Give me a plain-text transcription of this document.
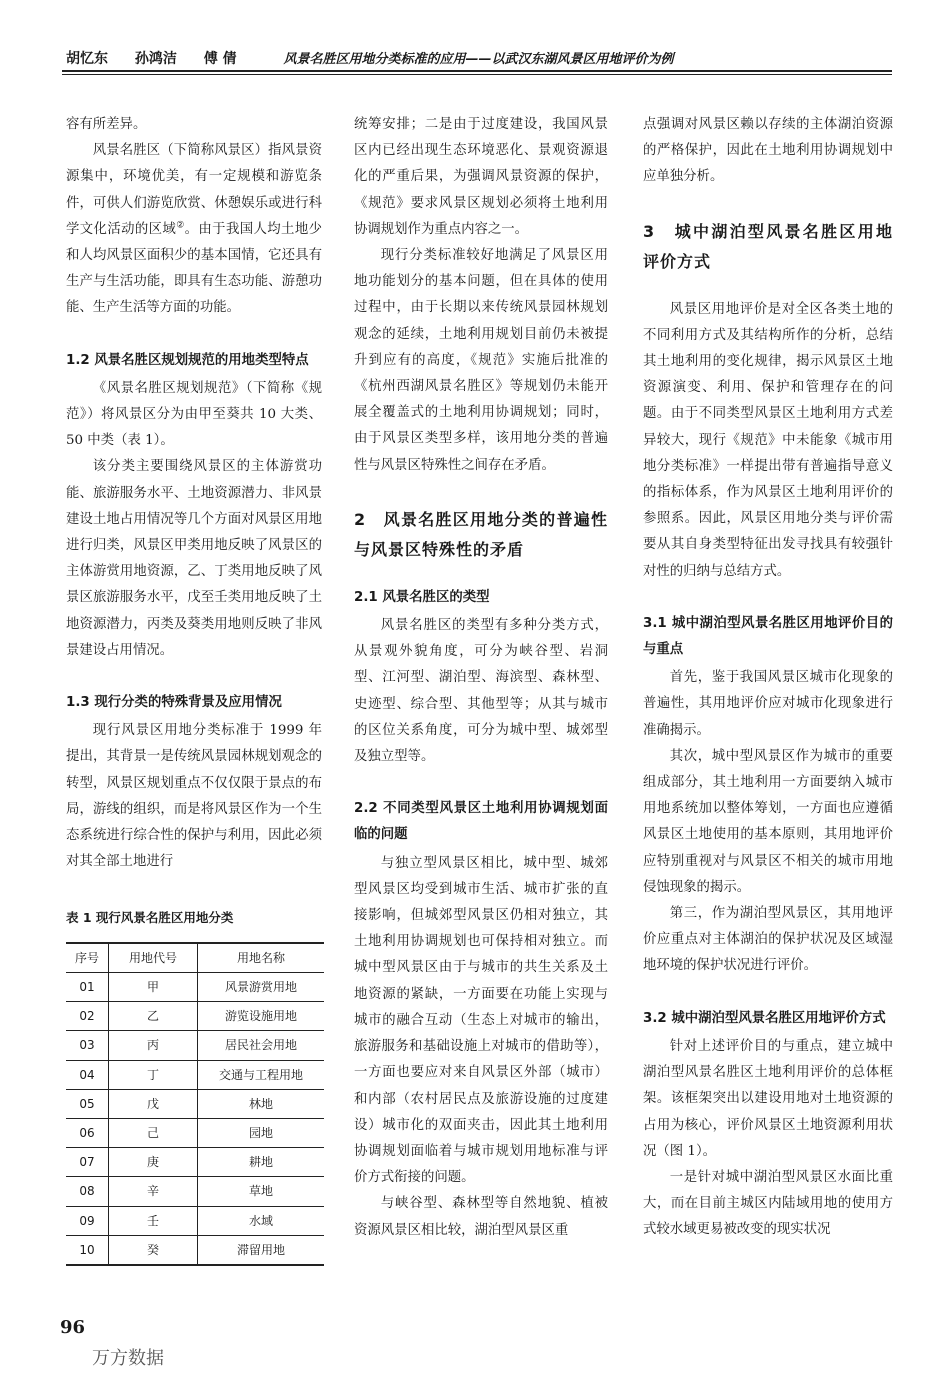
胡忆东 孙鸿洁 傅 倩	风景名胜区用地分类标准的应用——以武汉东湖风景区用地评价为例

容有所差异。

风景名胜区（下简称风景区）指风景资源集中，环境优美，有一定规模和游览条件，可供人们游览欣赏、休憩娱乐或进行科学文化活动的区域②。由于我国人均土地少和人均风景区面积少的基本国情，它还具有生产与生活功能，即具有生态功能、游憩功能、生产生活等方面的功能。

1.2 风景名胜区规划规范的用地类型特点

《风景名胜区规划规范》（下简称《规范》）将风景区分为由甲至葵共 10 大类、50 中类（表 1）。

该分类主要围绕风景区的主体游赏功能、旅游服务水平、土地资源潜力、非风景建设土地占用情况等几个方面对风景区用地进行归类，风景区甲类用地反映了风景区的主体游赏用地资源，乙、丁类用地反映了风景区旅游服务水平，戊至壬类用地反映了土地资源潜力，丙类及葵类用地则反映了非风景建设占用情况。

1.3 现行分类的特殊背景及应用情况

现行风景区用地分类标准于 1999 年提出，其背景一是传统风景园林规划观念的转型，风景区规划重点不仅仅限于景点的布局，游线的组织，而是将风景区作为一个生态系统进行综合性的保护与利用，因此必须对其全部土地进行

表 1 现行风景名胜区用地分类
序号	用地代号	用地名称
01	甲	风景游赏用地
02	乙	游览设施用地
03	丙	居民社会用地
04	丁	交通与工程用地
05	戊	林地
06	己	园地
07	庚	耕地
08	辛	草地
09	壬	水域
10	癸	滞留用地

统筹安排；二是由于过度建设，我国风景区内已经出现生态环境恶化、景观资源退化的严重后果，为强调风景资源的保护，《规范》要求风景区规划必须将土地利用协调规划作为重点内容之一。

现行分类标准较好地满足了风景区用地功能划分的基本问题，但在具体的使用过程中，由于长期以来传统风景园林规划观念的延续，土地利用规划目前仍未被提升到应有的高度，《规范》实施后批准的《杭州西湖风景名胜区》等规划仍未能开展全覆盖式的土地利用协调规划；同时，由于风景区类型多样，该用地分类的普遍性与风景区特殊性之间存在矛盾。

2　风景名胜区用地分类的普遍性与风景区特殊性的矛盾
2.1 风景名胜区的类型

风景名胜区的类型有多种分类方式，从景观外貌角度，可分为峡谷型、岩洞型、江河型、湖泊型、海滨型、森林型、史迹型、综合型、其他型等；从其与城市的区位关系角度，可分为城中型、城郊型及独立型等。

2.2 不同类型风景区土地利用协调规划面临的问题

与独立型风景区相比，城中型、城郊型风景区均受到城市生活、城市扩张的直接影响，但城郊型风景区仍相对独立，其土地利用协调规划也可保持相对独立。而城中型风景区由于与城市的共生关系及土地资源的紧缺，一方面要在功能上实现与城市的融合互动（生态上对城市的输出，旅游服务和基础设施上对城市的借助等），一方面也要应对来自风景区外部（城市）和内部（农村居民点及旅游设施的过度建设）城市化的双面夹击，因此其土地利用协调规划面临着与城市规划用地标准与评价方式衔接的问题。

与峡谷型、森林型等自然地貌、植被资源风景区相比较，湖泊型风景区重

点强调对风景区赖以存续的主体湖泊资源的严格保护，因此在土地利用协调规划中应单独分析。

3　城中湖泊型风景名胜区用地评价方式

风景区用地评价是对全区各类土地的不同利用方式及其结构所作的分析，总结其土地利用的变化规律，揭示风景区土地资源演变、利用、保护和管理存在的问题。由于不同类型风景区土地利用方式差异较大，现行《规范》中未能象《城市用地分类标准》一样提出带有普遍指导意义的指标体系，作为风景区土地利用评价的参照系。因此，风景区用地分类与评价需要从其自身类型特征出发寻找具有较强针对性的归纳与总结方式。

3.1 城中湖泊型风景名胜区用地评价目的与重点

首先，鉴于我国风景区城市化现象的普遍性，其用地评价应对城市化现象进行准确揭示。

其次，城中型风景区作为城市的重要组成部分，其土地利用一方面要纳入城市用地系统加以整体筹划，一方面也应遵循风景区土地使用的基本原则，其用地评价应特别重视对与风景区不相关的城市用地侵蚀现象的揭示。

第三，作为湖泊型风景区，其用地评价应重点对主体湖泊的保护状况及区域湿地环境的保护状况进行评价。

3.2 城中湖泊型风景名胜区用地评价方式

针对上述评价目的与重点，建立城中湖泊型风景名胜区土地利用评价的总体框架。该框架突出以建设用地对土地资源的占用为核心，评价风景区土地资源利用状况（图 1）。

一是针对城中湖泊型风景区水面比重大，而在目前主城区内陆域用地的使用方式较水域更易被改变的现实状况

96
万方数据
